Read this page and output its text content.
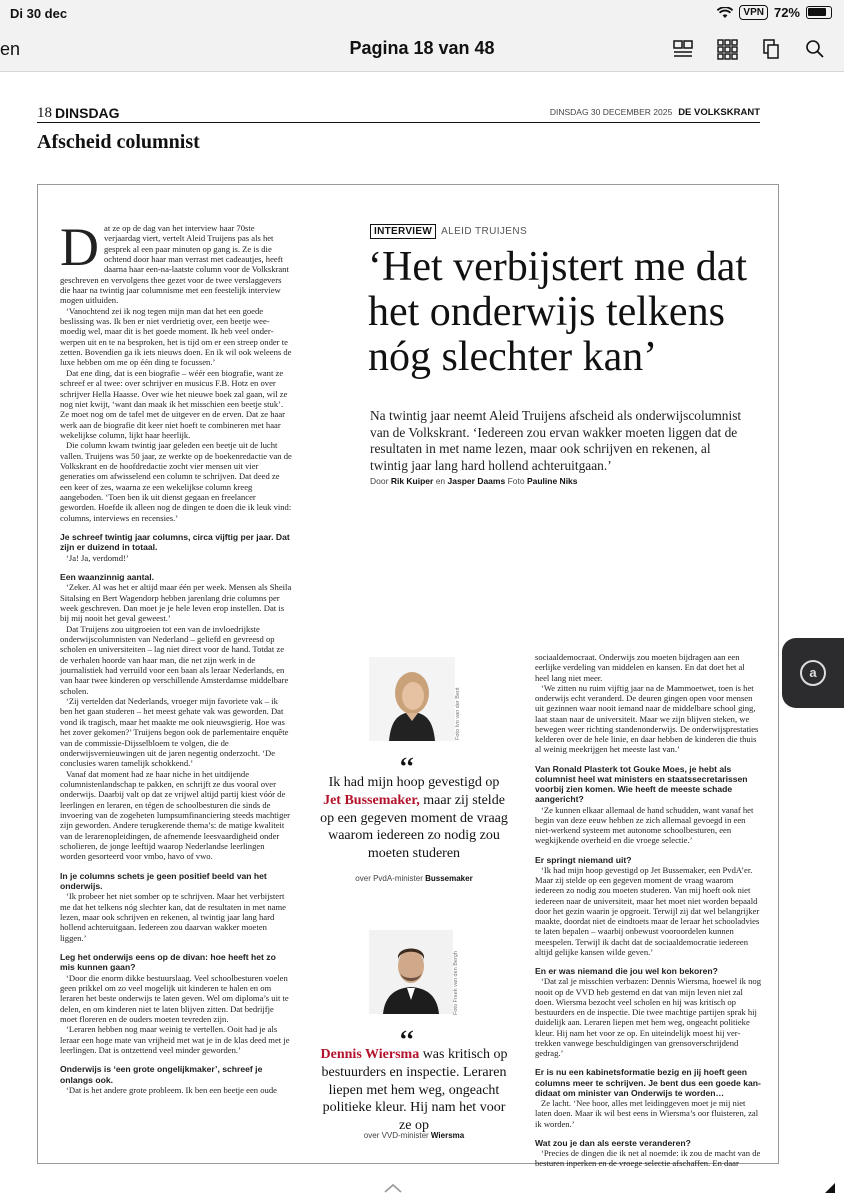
Di 30 dec	VPN 72%
en	Pagina 18 van 48
18 DINSDAG	DINSDAG 30 DECEMBER 2025 DE VOLKSKRANT
Afscheid columnist
D at ze op de dag van het interview haar 70ste verjaardag viert, vertelt Aleid Truijens pas als het gesprek al een paar minuten op gang is. Ze is die ochtend door haar man verrast met cadeautjes, heeft daarna haar een-na-laatste column voor de Volkskrant geschreven en vervolgens thee gezet voor de twee verslaggevers die haar na twintig jaar columnisme met een feestelijk interview mogen uitluiden.

‘Vanochtend zei ik nog tegen mijn man dat het een goede beslissing was. Ik ben er niet verdrietig over, een beetje weemoedig wel, maar dit is het goede moment. Ik heb veel onderwerpen uit en te na besproken, het is tijd om er een streep onder te zetten. Bovendien ga ik iets nieuws doen. En ik wil ook weleens de luxe hebben om me op één ding te focussen.’

Dat ene ding, dat is een biografie – wéér een biografie, want ze schreef er al twee: over schrijver en musicus F.B. Hotz en over schrijver Hella Haasse. Over wie het nieuwe boek zal gaan, wil ze nog niet kwijt, ‘want dan maak ik het misschien een beetje stuk’. Ze moet nog om de tafel met de uitgever en de erven. Dat ze haar werk aan de biografie dit keer niet hoeft te combineren met haar wekelijkse column, lijkt haar heerlijk.

Die column kwam twintig jaar geleden een beetje uit de lucht vallen. Truijens was 50 jaar, ze werkte op de boekenredactie van de Volkskrant en de hoofdredactie zocht vier mensen uit vier generaties om afwisselend een column te schrijven. Dat deed ze een keer of zes, waarna ze een wekelijkse column kreeg aangeboden. ‘Toen ben ik uit dienst gegaan en freelancer geworden. Hoefde ik alleen nog de dingen te doen die ik leuk vind: columns, interviews en recensies.’

Je schreef twintig jaar columns, circa vijftig per jaar. Dat zijn er duizend in totaal.

‘Ja! Ja, verdomd!’

Een waanzinnig aantal.

‘Zeker. Al was het er altijd maar één per week. Mensen als Sheila Sitalsing en Bert Wagendorp hebben jarenlang drie columns per week geschreven. Dan moet je je hele leven erop instellen. Dat is bij mij nooit het geval geweest.’

Dat Truijens zou uitgroeien tot een van de invloedrijkste onderwijscolumnisten van Nederland – geliefd en gevreesd op scholen en universiteiten – lag niet direct voor de hand. Totdat ze de verhalen hoorde van haar man, die net zijn werk in de journalistiek had verruild voor een baan als leraar Nederlands, en van haar twee kinderen op verschillende Amsterdamse middelbare scholen.

‘Zij vertelden dat Nederlands, vroeger mijn favoriete vak – ik ben het gaan studeren – het meest gehate vak was geworden. Dat vond ik tragisch, maar het maakte me ook nieuwsgierig. Hoe was het zover gekomen?’ Truijens begon ook de parlementaire enquête van de commissie-Dijsselbloem te volgen, die de onderwijsvernieuwingen uit de jaren negentig onderzocht. ‘De conclusies waren tamelijk schokkend.’

Vanaf dat moment had ze haar niche in het uitdijende columnistenlandschap te pakken, en schrijft ze dus vooral over onderwijs. Daarbij valt op dat ze vrijwel altijd partij kiest vóór de leerlingen en leraren, en tégen de schoolbesturen die sinds de invoering van de zogeheten lumpsumfinanciering steeds machtiger zijn geworden. Andere terugkerende thema’s: de matige kwaliteit van de lerarenopleidingen, de afnemende leesvaardigheid onder scholieren, de jonge leeftijd waarop Nederlandse leerlingen worden gesorteerd voor vmbo, havo of vwo.

In je columns schets je geen positief beeld van het onderwijs.

‘Ik probeer het niet somber op te schrijven. Maar het verbijstert me dat het telkens nóg slechter kan, dat de resultaten in met name lezen, maar ook schrijven en rekenen, al twintig jaar lang hard hollend achteruitgaan. Iedereen zou daarvan wakker moeten liggen.’

Leg het onderwijs eens op de divan: hoe heeft het zo mis kunnen gaan?

‘Door die enorm dikke bestuurslaag. Veel schoolbesturen voelen geen prikkel om zo veel mogelijk uit kinderen te halen en om leraren het beste onderwijs te laten geven. Wel om diploma’s uit te delen, en om kinderen niet te laten blijven zitten. Dat bedrijfje moet floreren en de ouders moeten tevreden zijn.

‘Leraren hebben nog maar weinig te vertellen. Ooit had je als leraar een hoge mate van vrijheid met wat je in de klas deed met je leerlingen. Dat is ontzettend veel minder geworden.’

Onderwijs is ‘een grote ongelijkmaker’, schreef je onlangs ook.

‘Dat is het andere grote probleem. Ik ben een beetje een oude

INTERVIEW ALEID TRUIJENS
‘Het verbijstert me dat het onderwijs telkens nóg slechter kan’

Na twintig jaar neemt Aleid Truijens afscheid als onderwijscolumnist van de Volkskrant. ‘Iedereen zou ervan wakker moeten liggen dat de resultaten in met name lezen, maar ook schrijven en rekenen, al twintig jaar lang hard hollend achteruitgaan.’

Door Rik Kuiper en Jasper Daams Foto Pauline Niks
Foto Ivo van der Bent
‘‘

Ik had mijn hoop gevestigd op
Jet Bussemaker, maar zij stelde op een gegeven moment de vraag waarom iedereen zo nodig zou moeten studeren

over PvdA-minister Bussemaker
Foto Freek van den Bergh
‘‘

Dennis Wiersma was kritisch op bestuurders en inspectie. Leraren liepen met hem weg, ongeacht politieke kleur. Hij nam het voor ze op

over VVD-minister Wiersma

sociaaldemocraat. Onderwijs zou moeten bijdragen aan een eerlijke verdeling van middelen en kansen. En dat doet het al heel lang niet meer.

‘We zitten nu ruim vijftig jaar na de Mammoetwet, toen is het onderwijs echt veranderd. De deuren gingen open voor mensen uit gezinnen waar nooit iemand naar de middelbare school ging, laat staan naar de universiteit. Maar we zijn blijven steken, we bewegen weer richting standenonderwijs. De onderwijsprestaties kelderen over de hele linie, en daar hebben de kinderen die thuis al weinig meekrijgen het meeste last van.’

Van Ronald Plasterk tot Gouke Moes, je hebt als columnist heel wat ministers en staatssecretarissen voorbij zien komen. Wie heeft de meeste schade aangericht?

‘Ze kunnen elkaar allemaal de hand schudden, want vanaf het begin van deze eeuw hebben ze zich allemaal gevoegd in een niet-werkend systeem met autonome schoolbesturen, een wegkijkende overheid en die vroege selectie.’

Er springt niemand uit?

‘Ik had mijn hoop gevestigd op Jet Bussemaker, een PvdA’er. Maar zij stelde op een gegeven moment de vraag waarom iedereen zo nodig zou moeten studeren. Van mij hoeft ook niet iedereen naar de universiteit, maar het moet niet worden bepaald door het gezin waarin je opgroeit. Terwijl zij dat wel belangrijker maakte, doordat niet de eindtoets maar de leraar het schooladvies te laten bepalen – waarbij onbewust vooroordelen kunnen meespelen. Terwijl ik dacht dat de sociaaldemocratie iedereen altijd gelijke kansen wilde geven.’

En er was niemand die jou wel kon bekoren?

‘Dat zal je misschien verbazen: Dennis Wiersma, hoewel ik nog nooit op de VVD heb gestemd en dat van mijn leven niet zal doen. Wiersma bezocht veel scholen en hij was kritisch op bestuurders en de inspectie. Die twee machtige partijen sprak hij duidelijk aan. Leraren liepen met hem weg, ongeacht politieke kleur. Hij nam het voor ze op. En uiteindelijk moest hij vertrekken vanwege beschuldigingen van grensoverschrijdend gedrag.’

Er is nu een kabinetsformatie bezig en jij hoeft geen columns meer te schrijven. Je bent dus een goede kandidaat om minister van Onderwijs te worden…

Ze lacht. ‘Nee hoor, alles met leidinggeven moet je mij niet laten doen. Maar ik wil best eens in Wiersma’s oor fluisteren, zal ik worden.’

Wat zou je dan als eerste veranderen?

‘Precies de dingen die ik net al noemde: ik zou de macht van de besturen inperken en de vroege selectie afschaffen. En daar

a
